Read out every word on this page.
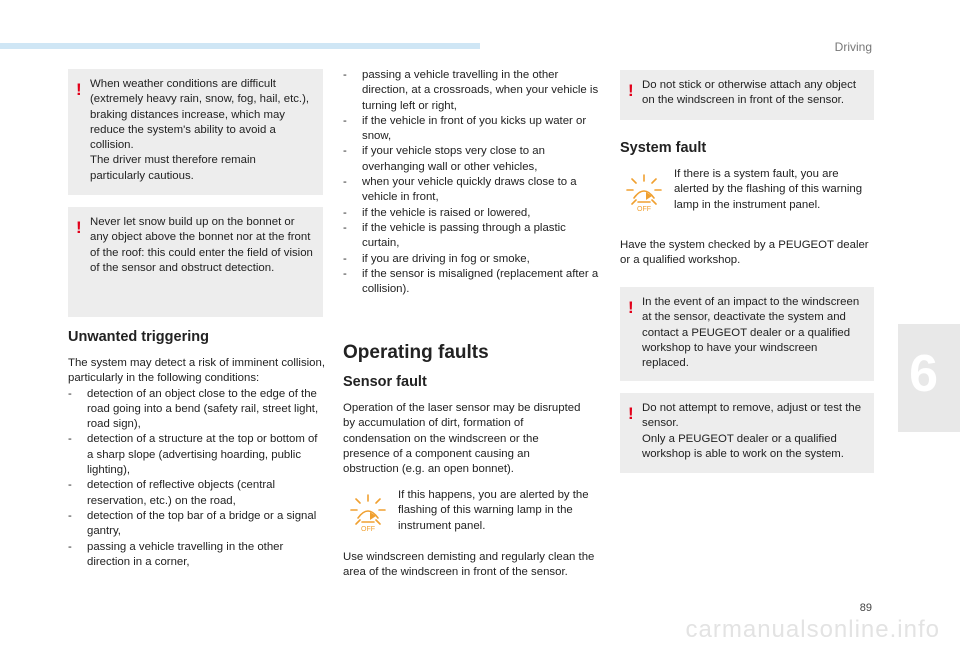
Driving
6
! When weather conditions are difficult (extremely heavy rain, snow, fog, hail, etc.), braking distances increase, which may reduce the system's ability to avoid a collision.

The driver must therefore remain particularly cautious.

! Never let snow build up on the bonnet or any object above the bonnet nor at the front of the roof: this could enter the field of vision of the sensor and obstruct detection.

Unwanted triggering

The system may detect a risk of imminent collision, particularly in the following conditions:

- detection of an object close to the edge of the road going into a bend (safety rail, street light, road sign),
- detection of a structure at the top or bottom of a sharp slope (advertising hoarding, public lighting),
- detection of reflective objects (central reservation, etc.) on the road,
- detection of the top bar of a bridge or a signal gantry,
- passing a vehicle travelling in the other direction in a corner,
- passing a vehicle travelling in the other direction, at a crossroads, when your vehicle is turning left or right,
- if the vehicle in front of you kicks up water or snow,
- if your vehicle stops very close to an overhanging wall or other vehicles,
- when your vehicle quickly draws close to a vehicle in front,
- if the vehicle is raised or lowered,
- if the vehicle is passing through a plastic curtain,
- if you are driving in fog or smoke,
- if the sensor is misaligned (replacement after a collision).
Operating faults
Sensor fault

Operation of the laser sensor may be disrupted by accumulation of dirt, formation of condensation on the windscreen or the presence of a component causing an obstruction (e.g. an open bonnet).

OFF

If this happens, you are alerted by the flashing of this warning lamp in the instrument panel.

Use windscreen demisting and regularly clean the area of the windscreen in front of the sensor.

! Do not stick or otherwise attach any object on the windscreen in front of the sensor.

System fault
OFF

If there is a system fault, you are alerted by the flashing of this warning lamp in the instrument panel.

Have the system checked by a PEUGEOT dealer or a qualified workshop.

! In the event of an impact to the windscreen at the sensor, deactivate the system and contact a PEUGEOT dealer or a qualified workshop to have your windscreen replaced.

! Do not attempt to remove, adjust or test the sensor.

Only a PEUGEOT dealer or a qualified workshop is able to work on the system.

89
carmanualsonline.info
